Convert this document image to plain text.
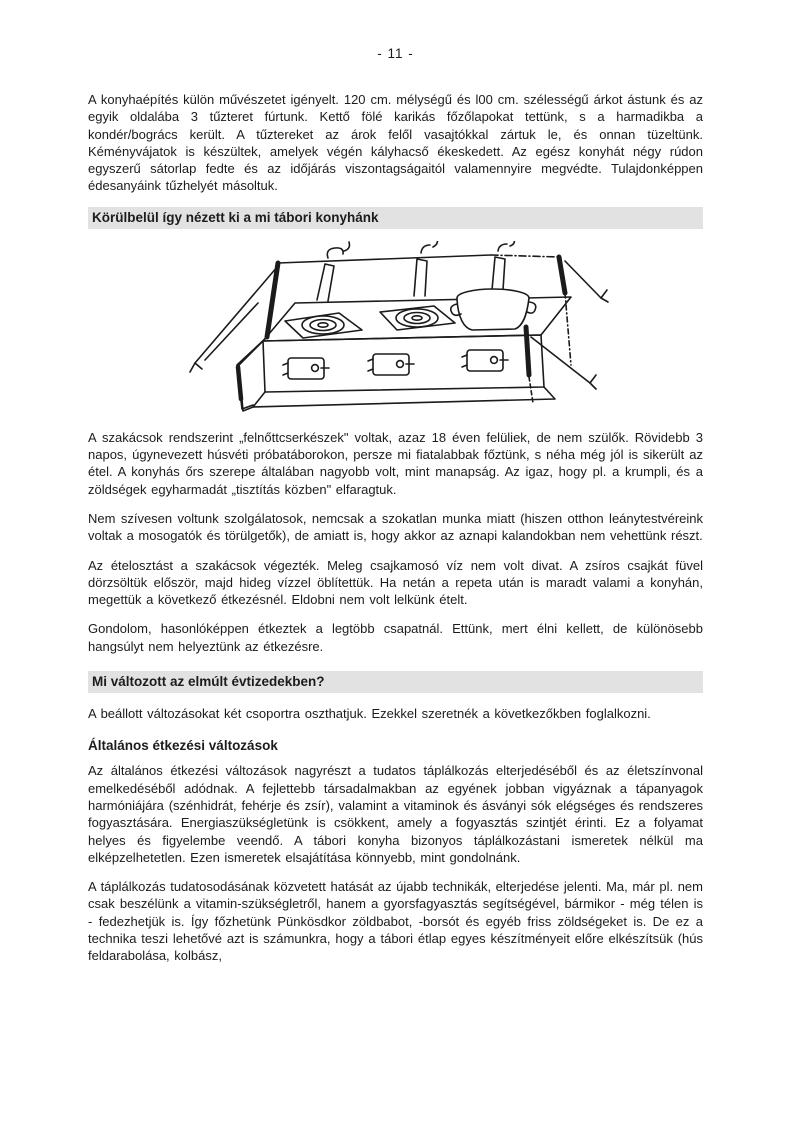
- 11 -

A konyhaépítés külön művészetet igényelt. 120 cm. mélységű és l00 cm. szélességű árkot ástunk és az egyik oldalába 3 tűzteret fúrtunk. Kettő fölé karikás főzőlapokat tettünk, s a harmadikba a kondér/bogrács került. A tűztereket az árok felől vasajtókkal zártuk le, és onnan tüzeltünk. Kéményvájatok is készültek, amelyek végén kályhacső ékeskedett. Az egész konyhát négy rúdon egyszerű sátorlap fedte és az időjárás viszontagságaitól valamennyire megvédte. Tulajdonképpen édesanyáink tűzhelyét másoltuk.

Körülbelül így nézett ki a mi tábori konyhánk

A szakácsok rendszerint „felnőttcserkészek" voltak, azaz 18 éven felüliek, de nem szülők. Rövidebb 3 napos, úgynevezett húsvéti próbatáborokon, persze mi fiatalabbak főztünk, s néha még jól is sikerült az étel. A konyhás őrs szerepe általában nagyobb volt, mint manapság. Az igaz, hogy pl. a krumpli, és a zöldségek egyharmadát „tisztítás közben" elfaragtuk.

Nem szívesen voltunk szolgálatosok, nemcsak a szokatlan munka miatt (hiszen otthon leánytestvéreink voltak a mosogatók és törülgetők), de amiatt is, hogy akkor az aznapi kalandokban nem vehettünk részt.

Az ételosztást a szakácsok végezték. Meleg csajkamosó víz nem volt divat. A zsíros csajkát füvel dörzsöltük először, majd hideg vízzel öblítettük. Ha netán a repeta után is maradt valami a konyhán, megettük a következő étkezésnél. Eldobni nem volt lelkünk ételt.

Gondolom, hasonlóképpen étkeztek a legtöbb csapatnál. Ettünk, mert élni kellett, de különösebb hangsúlyt nem helyeztünk az étkezésre.

Mi változott az elmúlt évtizedekben?

A beállott változásokat két csoportra oszthatjuk. Ezekkel szeretnék a következőkben foglalkozni.

Általános étkezési változások

Az általános étkezési változások nagyrészt a tudatos táplálkozás elterjedéséből és az életszínvonal emelkedéséből adódnak. A fejlettebb társadalmakban az egyének jobban vigyáznak a tápanyagok harmóniájára (szénhidrát, fehérje és zsír), valamint a vitaminok és ásványi sók elégséges és rendszeres fogyasztására. Energiaszükségletünk is csökkent, amely a fogyasztás szintjét érinti. Ez a folyamat helyes és figyelembe veendő. A tábori konyha bizonyos táplálkozástani ismeretek nélkül ma elképzelhetetlen. Ezen ismeretek elsajátítása könnyebb, mint gondolnánk.

A táplálkozás tudatosodásának közvetett hatását az újabb technikák, elterjedése jelenti. Ma, már pl. nem csak beszélünk a vitamin-szükségletről, hanem a gyorsfagyasztás segítségével, bármikor - még télen is - fedezhetjük is. Így főzhetünk Pünkösdkor zöldbabot, -borsót és egyéb friss zöldségeket is. De ez a technika teszi lehetővé azt is számunkra, hogy a tábori étlap egyes készítményeit előre elkészítsük (hús feldarabolása, kolbász,
